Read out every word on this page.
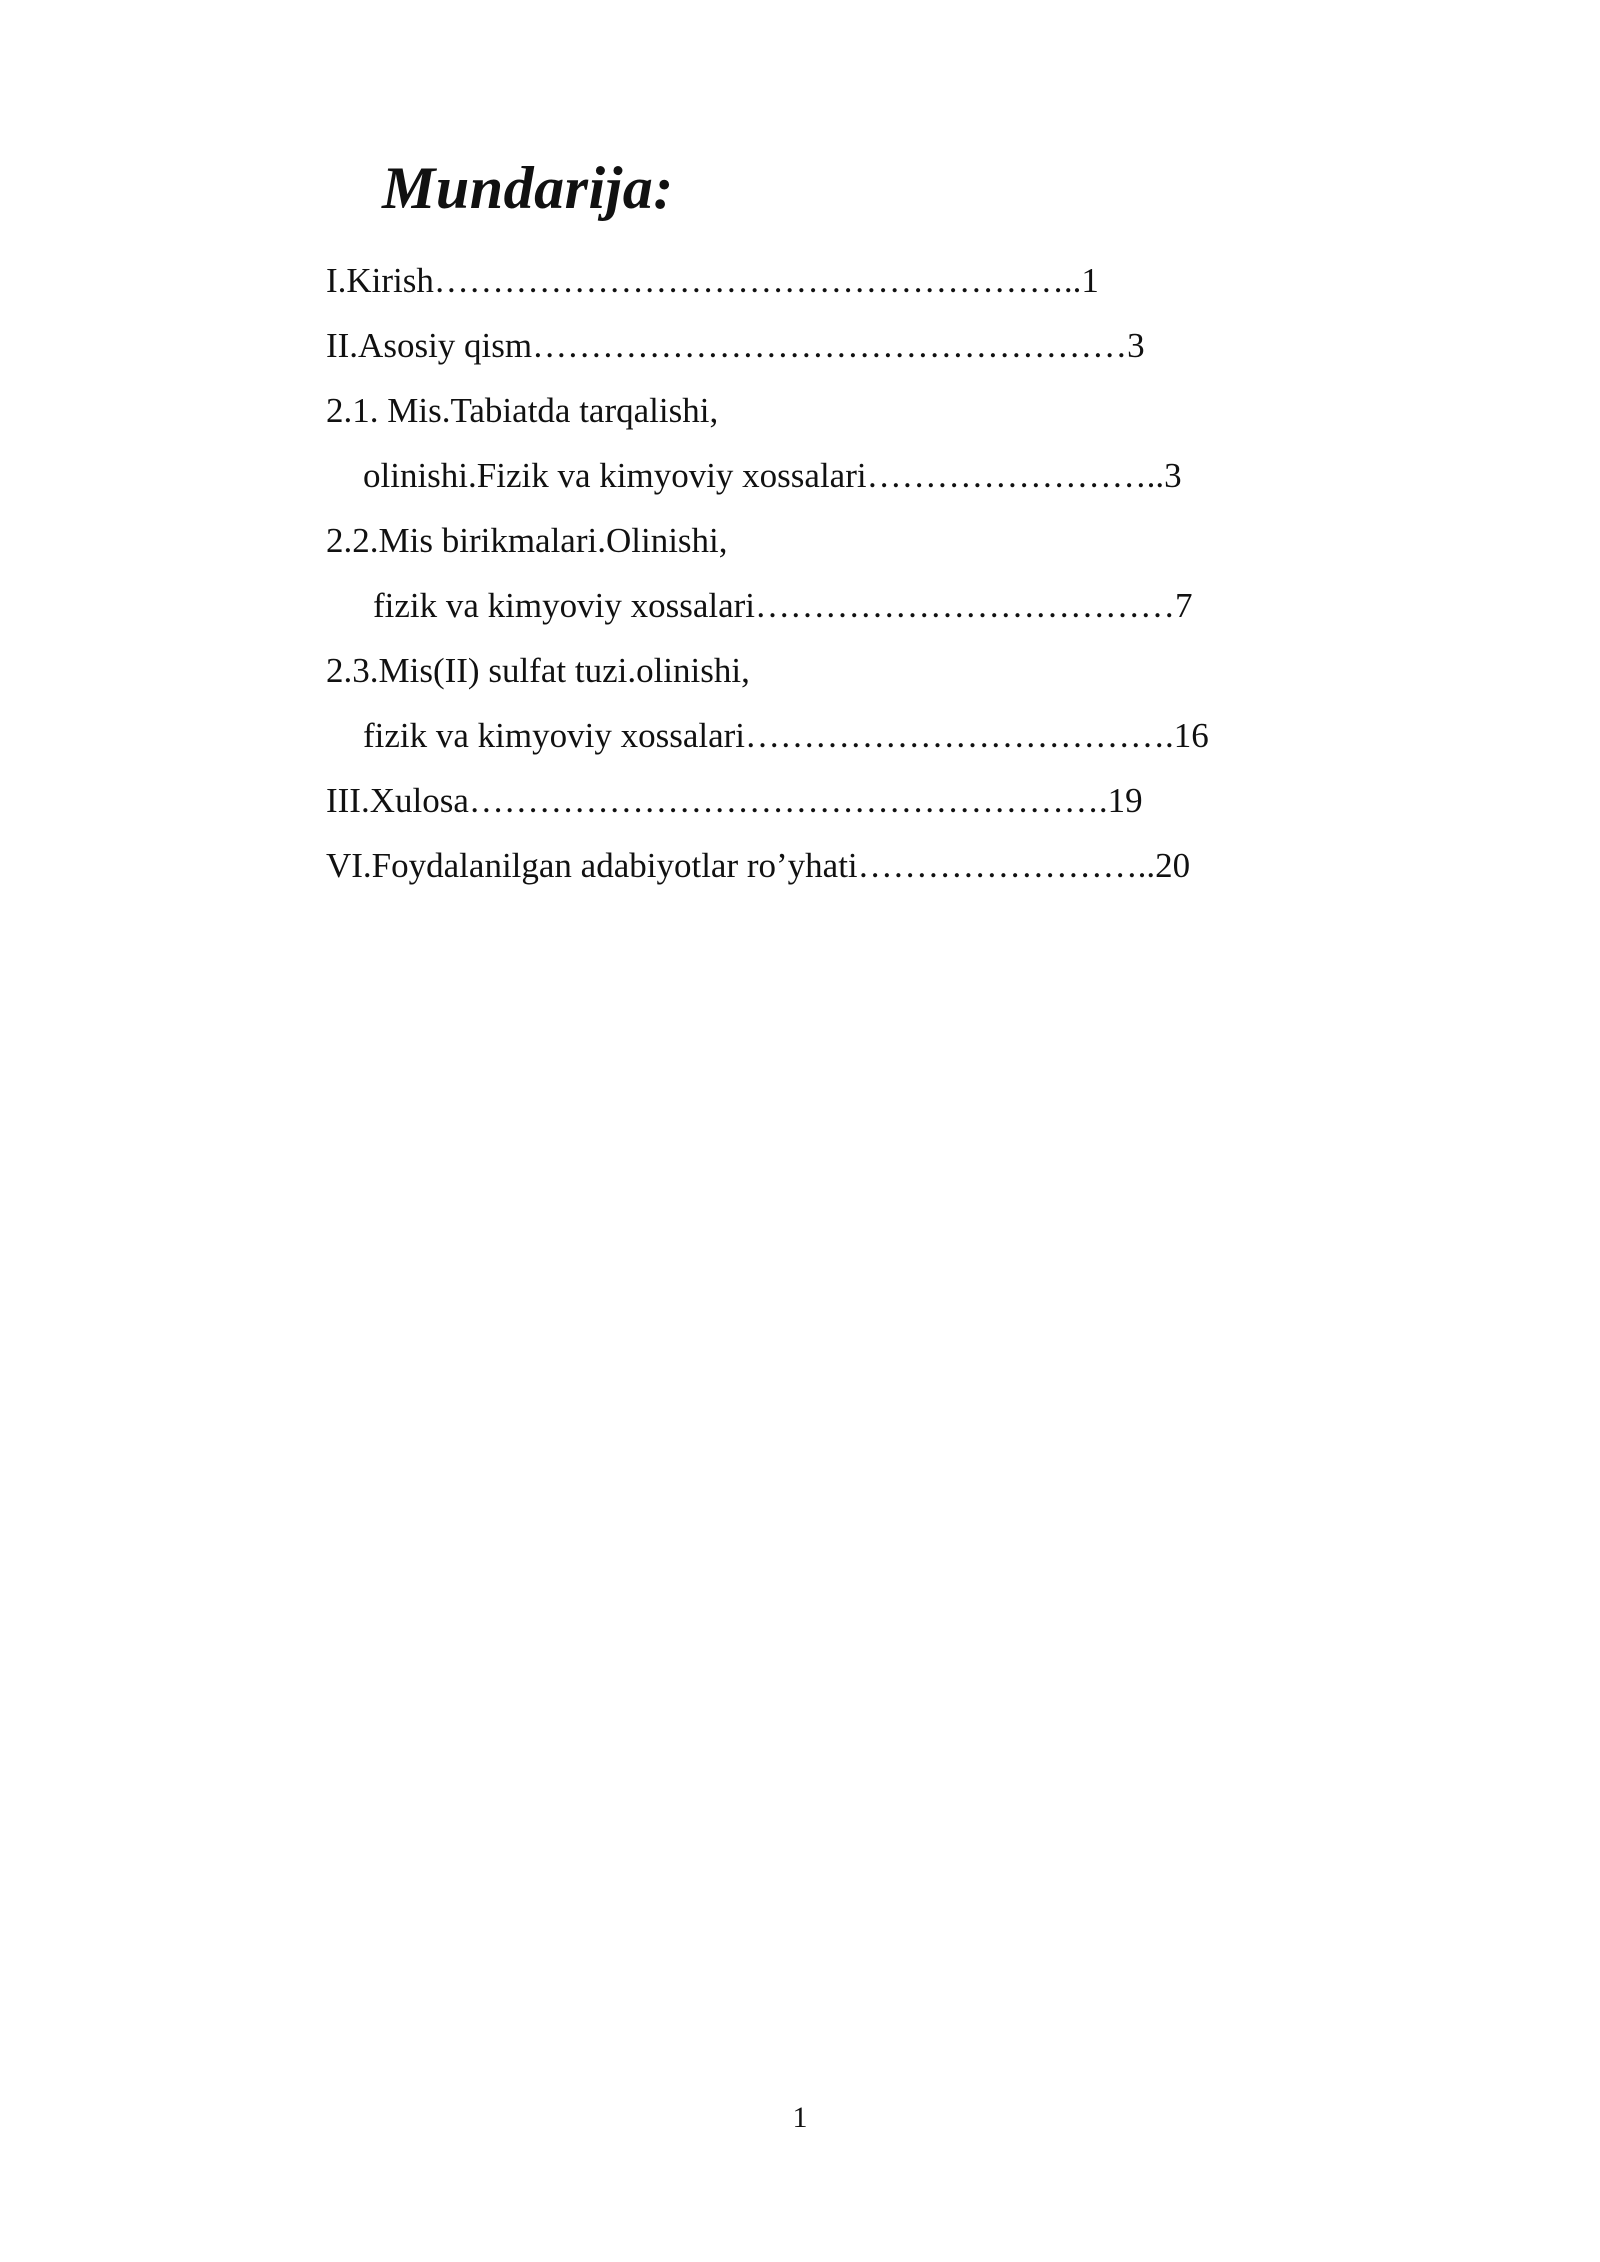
Mundarija:
I.Kirish………………………………………………..1
II.Asosiy qism……………………………………………3
2.1. Mis.Tabiatda tarqalishi,
olinishi.Fizik va kimyoviy xossalari……………………..3
2.2.Mis birikmalari.Olinishi,
fizik va kimyoviy xossalari………………………………7
2.3.Mis(II) sulfat tuzi.olinishi,
fizik va kimyoviy xossalari……………………………….16
III.Xulosa……………………………………………….19
VI.Foydalanilgan adabiyotlar ro’yhati……………………..20
1
